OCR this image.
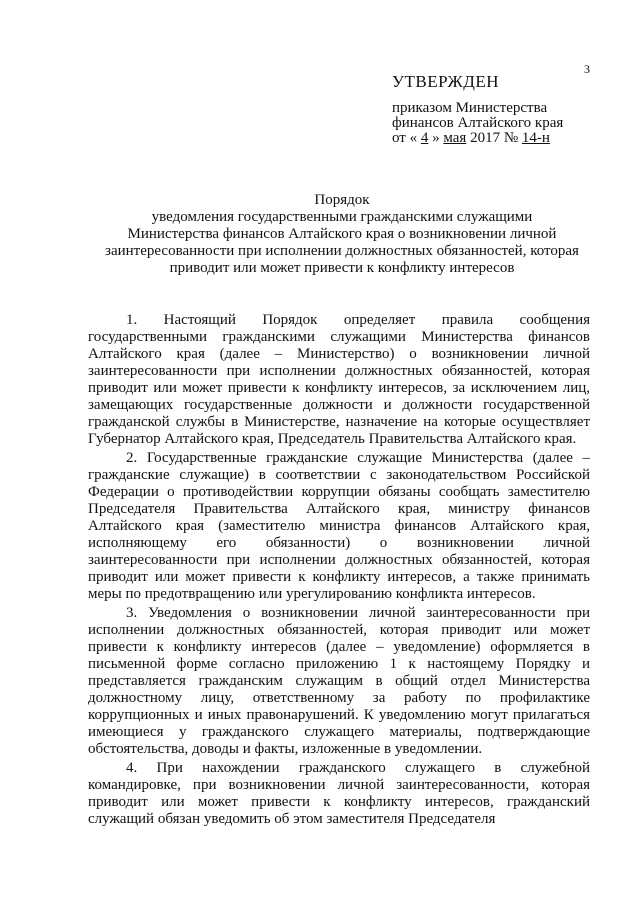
3
УТВЕРЖДЕН
приказом Министерства
финансов Алтайского края
от « 4 » мая 2017 № 14-н
Порядок
уведомления государственными гражданскими служащими
Министерства финансов Алтайского края о возникновении личной
заинтересованности при исполнении должностных обязанностей, которая
приводит или может привести к конфликту интересов

1. Настоящий Порядок определяет правила сообщения государственными гражданскими служащими Министерства финансов Алтайского края (далее – Министерство) о возникновении личной заинтересованности при исполнении должностных обязанностей, которая приводит или может привести к конфликту интересов, за исключением лиц, замещающих государственные должности и должности государственной гражданской службы в Министерстве, назначение на которые осуществляет Губернатор Алтайского края, Председатель Правительства Алтайского края.

2. Государственные гражданские служащие Министерства (далее – гражданские служащие) в соответствии с законодательством Российской Федерации о противодействии коррупции обязаны сообщать заместителю Председателя Правительства Алтайского края, министру финансов Алтайского края (заместителю министра финансов Алтайского края, исполняющему его обязанности) о возникновении личной заинтересованности при исполнении должностных обязанностей, которая приводит или может привести к конфликту интересов, а также принимать меры по предотвращению или урегулированию конфликта интересов.

3. Уведомления о возникновении личной заинтересованности при исполнении должностных обязанностей, которая приводит или может привести к конфликту интересов (далее – уведомление) оформляется в письменной форме согласно приложению 1 к настоящему Порядку и представляется гражданским служащим в общий отдел Министерства должностному лицу, ответственному за работу по профилактике коррупционных и иных правонарушений. К уведомлению могут прилагаться имеющиеся у гражданского служащего материалы, подтверждающие обстоятельства, доводы и факты, изложенные в уведомлении.

4. При нахождении гражданского служащего в служебной командировке, при возникновении личной заинтересованности, которая приводит или может привести к конфликту интересов, гражданский служащий обязан уведомить об этом заместителя Председателя
